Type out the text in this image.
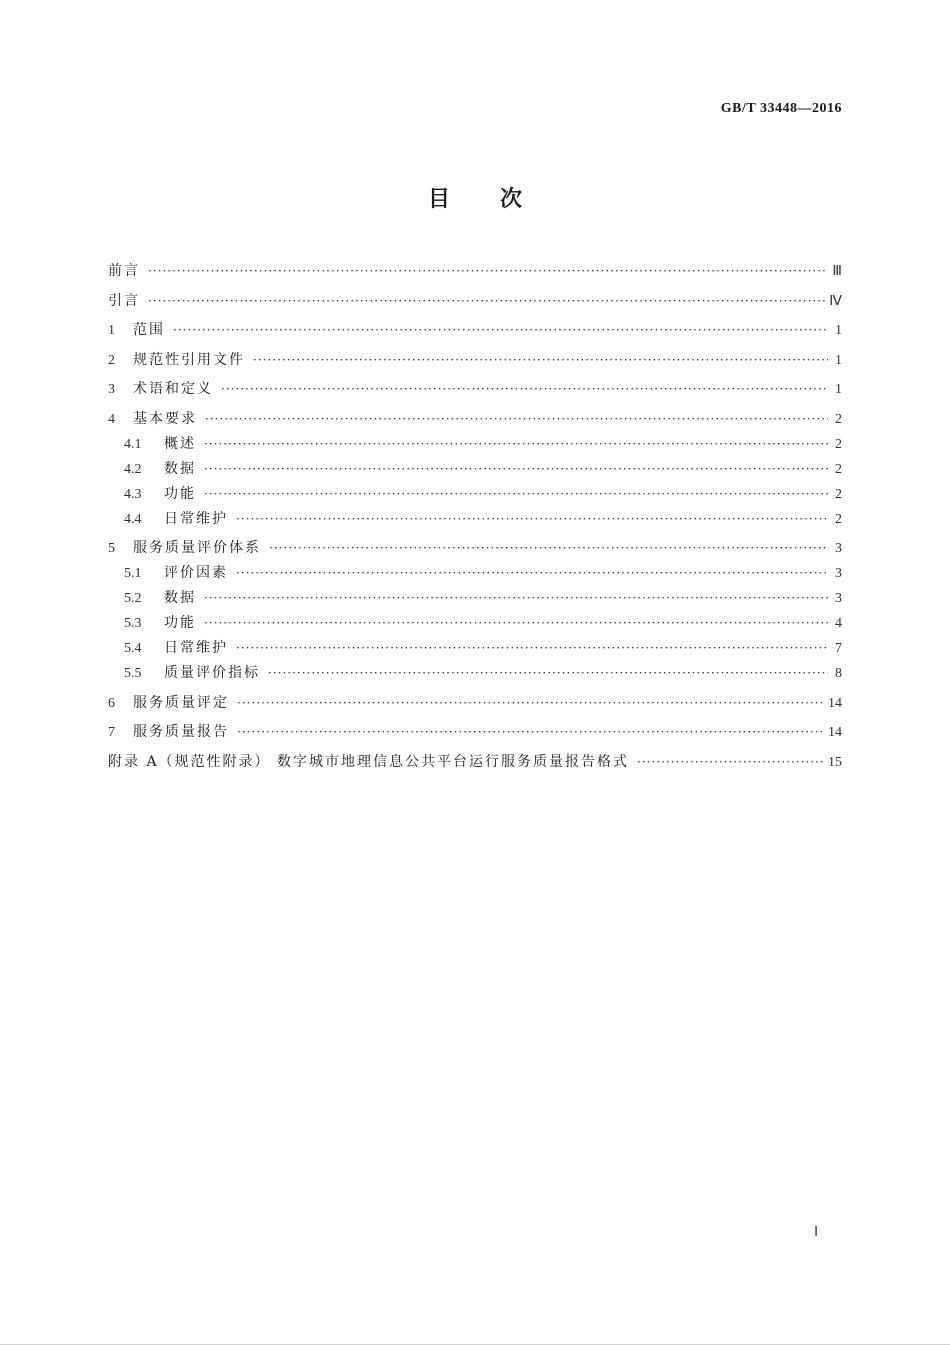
GB/T 33448—2016
目 次
前言 ·····	Ⅲ
引言 ·····	Ⅳ
1	范围 ·····	1
2	规范性引用文件 ·····	1
3	术语和定义 ·····	1
4	基本要求 ·····	2
4.1	概述 ·····	2
4.2	数据 ·····	2
4.3	功能 ·····	2
4.4	日常维护 ·····	2
5	服务质量评价体系 ·····	3
5.1	评价因素 ·····	3
5.2	数据 ·····	3
5.3	功能 ·····	4
5.4	日常维护 ·····	7
5.5	质量评价指标 ·····	8
6	服务质量评定 ·····	14
7	服务质量报告 ·····	14
附录 A（规范性附录） 数字城市地理信息公共平台运行服务质量报告格式 ·····	15
Ⅰ
